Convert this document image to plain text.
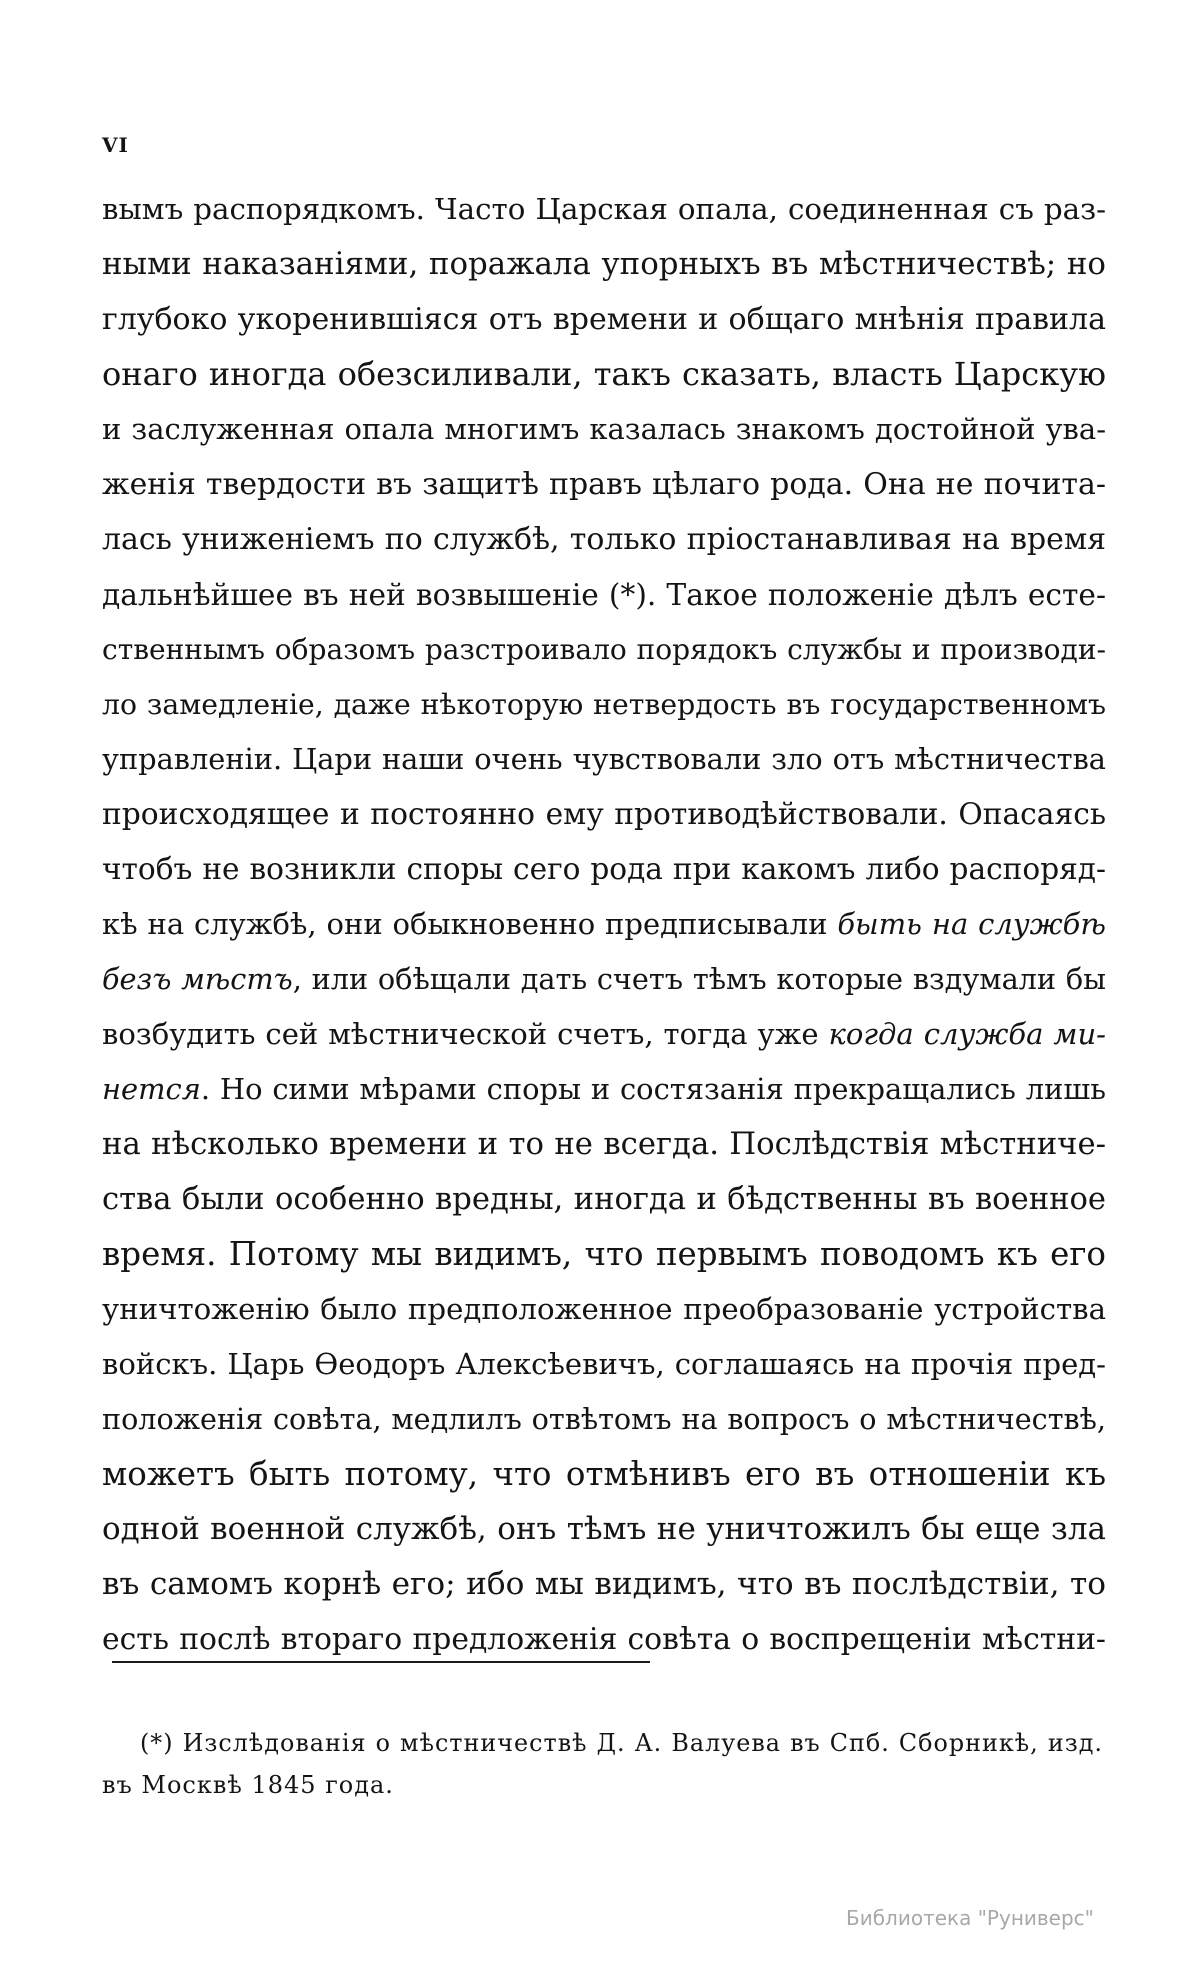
VI
вымъ распорядкомъ. Часто Царская опала, соединенная съ раз-
ными наказаніями, поражала упорныхъ въ мѣстничествѣ; но
глубоко укоренившіяся отъ времени и общаго мнѣнія правила
онаго иногда обезсиливали, такъ сказать, власть Царскую
и заслуженная опала многимъ казалась знакомъ достойной ува-
женія твердости въ защитѣ правъ цѣлаго рода. Она не почита-
лась униженіемъ по службѣ, только пріостанавливая на время
дальнѣйшее въ ней возвышеніе (*). Такое положеніе дѣлъ есте-
ственнымъ образомъ разстроивало порядокъ службы и производи-
ло замедленіе, даже нѣкоторую нетвердость въ государственномъ
управленіи. Цари наши очень чувствовали зло отъ мѣстничества
происходящее и постоянно ему противодѣйствовали. Опасаясь
чтобъ не возникли споры сего рода при какомъ либо распоряд-
кѣ на службѣ, они обыкновенно предписывали быть на службѣ
безъ мѣстъ, или обѣщали дать счетъ тѣмъ которые вздумали бы
возбудить сей мѣстнической счетъ, тогда уже когда служба ми-
нется. Но сими мѣрами споры и состязанія прекращались лишь
на нѣсколько времени и то не всегда. Послѣдствія мѣстниче-
ства были особенно вредны, иногда и бѣдственны въ военное
время. Потому мы видимъ, что первымъ поводомъ къ его
уничтоженію было предположенное преобразованіе устройства
войскъ. Царь Ѳеодоръ Алексѣевичъ, соглашаясь на прочія пред-
положенія совѣта, медлилъ отвѣтомъ на вопросъ о мѣстничествѣ,
можетъ быть потому, что отмѣнивъ его въ отношеніи къ
одной военной службѣ, онъ тѣмъ не уничтожилъ бы еще зла
въ самомъ корнѣ его; ибо мы видимъ, что въ послѣдствіи, то
есть послѣ втораго предложенія совѣта о воспрещеніи мѣстни-
(*) Изслѣдованія о мѣстничествѣ Д. А. Валуева въ Спб. Сборникѣ, изд.
въ Москвѣ 1845 года.
Библиотека "Руниверс"
